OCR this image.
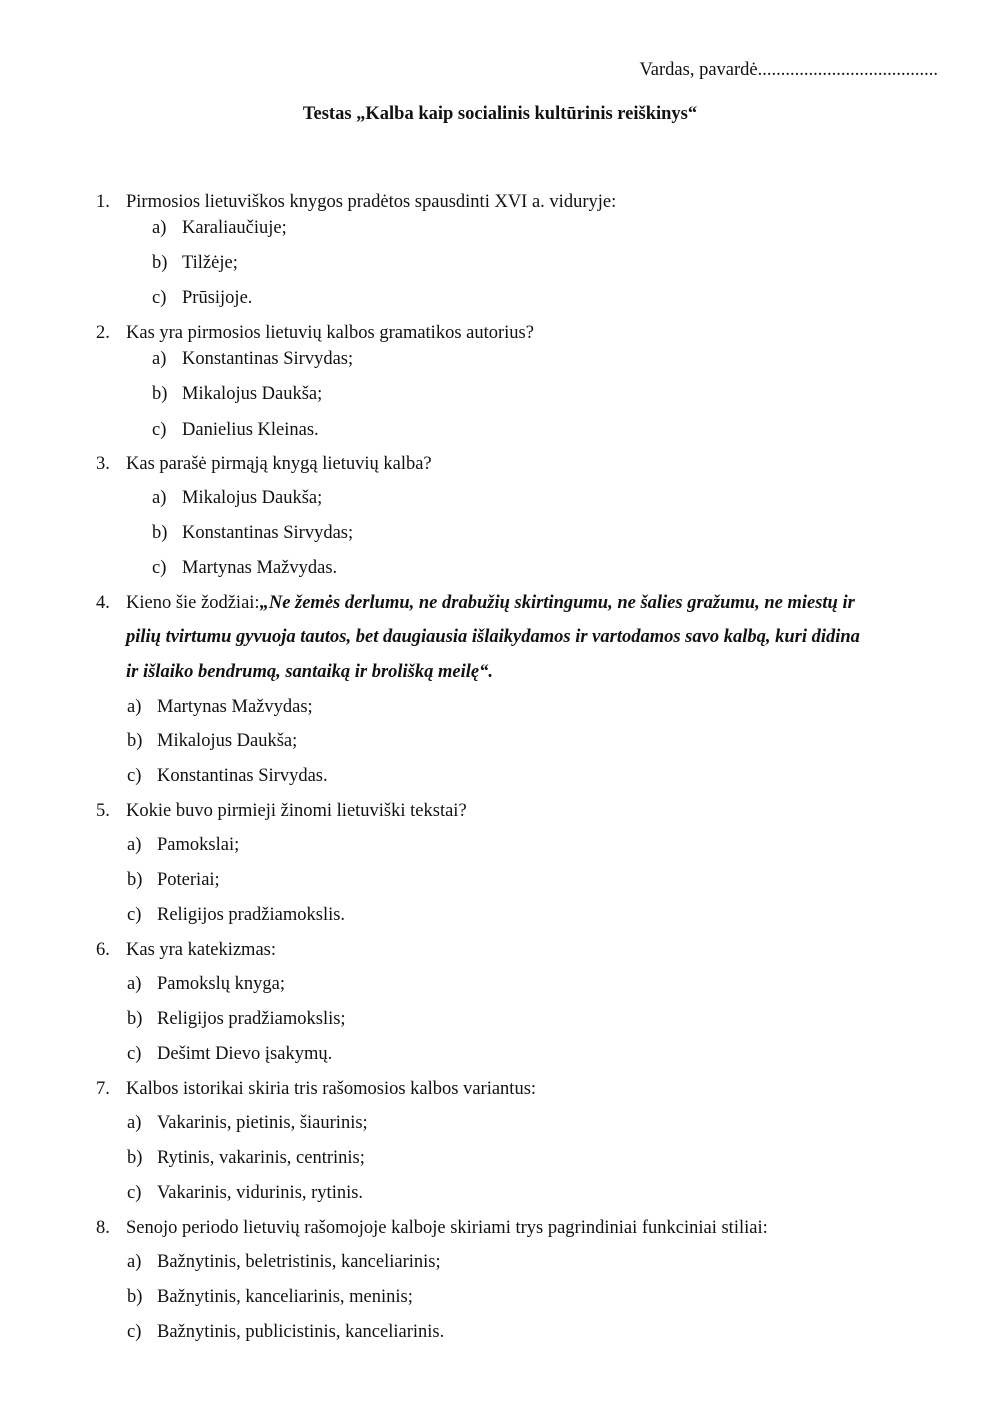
Vardas, pavardė.......................................
Testas „Kalba kaip socialinis kultūrinis reiškinys“
1. Pirmosios lietuviškos knygos pradėtos spausdinti XVI a. viduryje:
a) Karaliaučiuje;
b) Tilžėje;
c) Prūsijoje.
2. Kas yra pirmosios lietuvių kalbos gramatikos autorius?
a) Konstantinas Sirvydas;
b) Mikalojus Daukša;
c) Danielius Kleinas.
3. Kas parašė pirmąją knygą lietuvių kalba?
a) Mikalojus Daukša;
b) Konstantinas Sirvydas;
c) Martynas Mažvydas.
4. Kieno šie žodžiai:„Ne žemės derlumu, ne drabužių skirtingumu, ne šalies gražumu, ne miestų ir
pilių tvirtumu gyvuoja tautos, bet daugiausia išlaikydamos ir vartodamos savo kalbą, kuri didina
ir išlaiko bendrumą, santaiką ir brolišką meilę“.
a) Martynas Mažvydas;
b) Mikalojus Daukša;
c) Konstantinas Sirvydas.
5. Kokie buvo pirmieji žinomi lietuviški tekstai?
a) Pamokslai;
b) Poteriai;
c) Religijos pradžiamokslis.
6. Kas yra katekizmas:
a) Pamokslų knyga;
b) Religijos pradžiamokslis;
c) Dešimt Dievo įsakymų.
7. Kalbos istorikai skiria tris rašomosios kalbos variantus:
a) Vakarinis, pietinis, šiaurinis;
b) Rytinis, vakarinis, centrinis;
c) Vakarinis, vidurinis, rytinis.
8. Senojo periodo lietuvių rašomojoje kalboje skiriami trys pagrindiniai funkciniai stiliai:
a) Bažnytinis, beletristinis, kanceliarinis;
b) Bažnytinis, kanceliarinis, meninis;
c) Bažnytinis, publicistinis, kanceliarinis.
